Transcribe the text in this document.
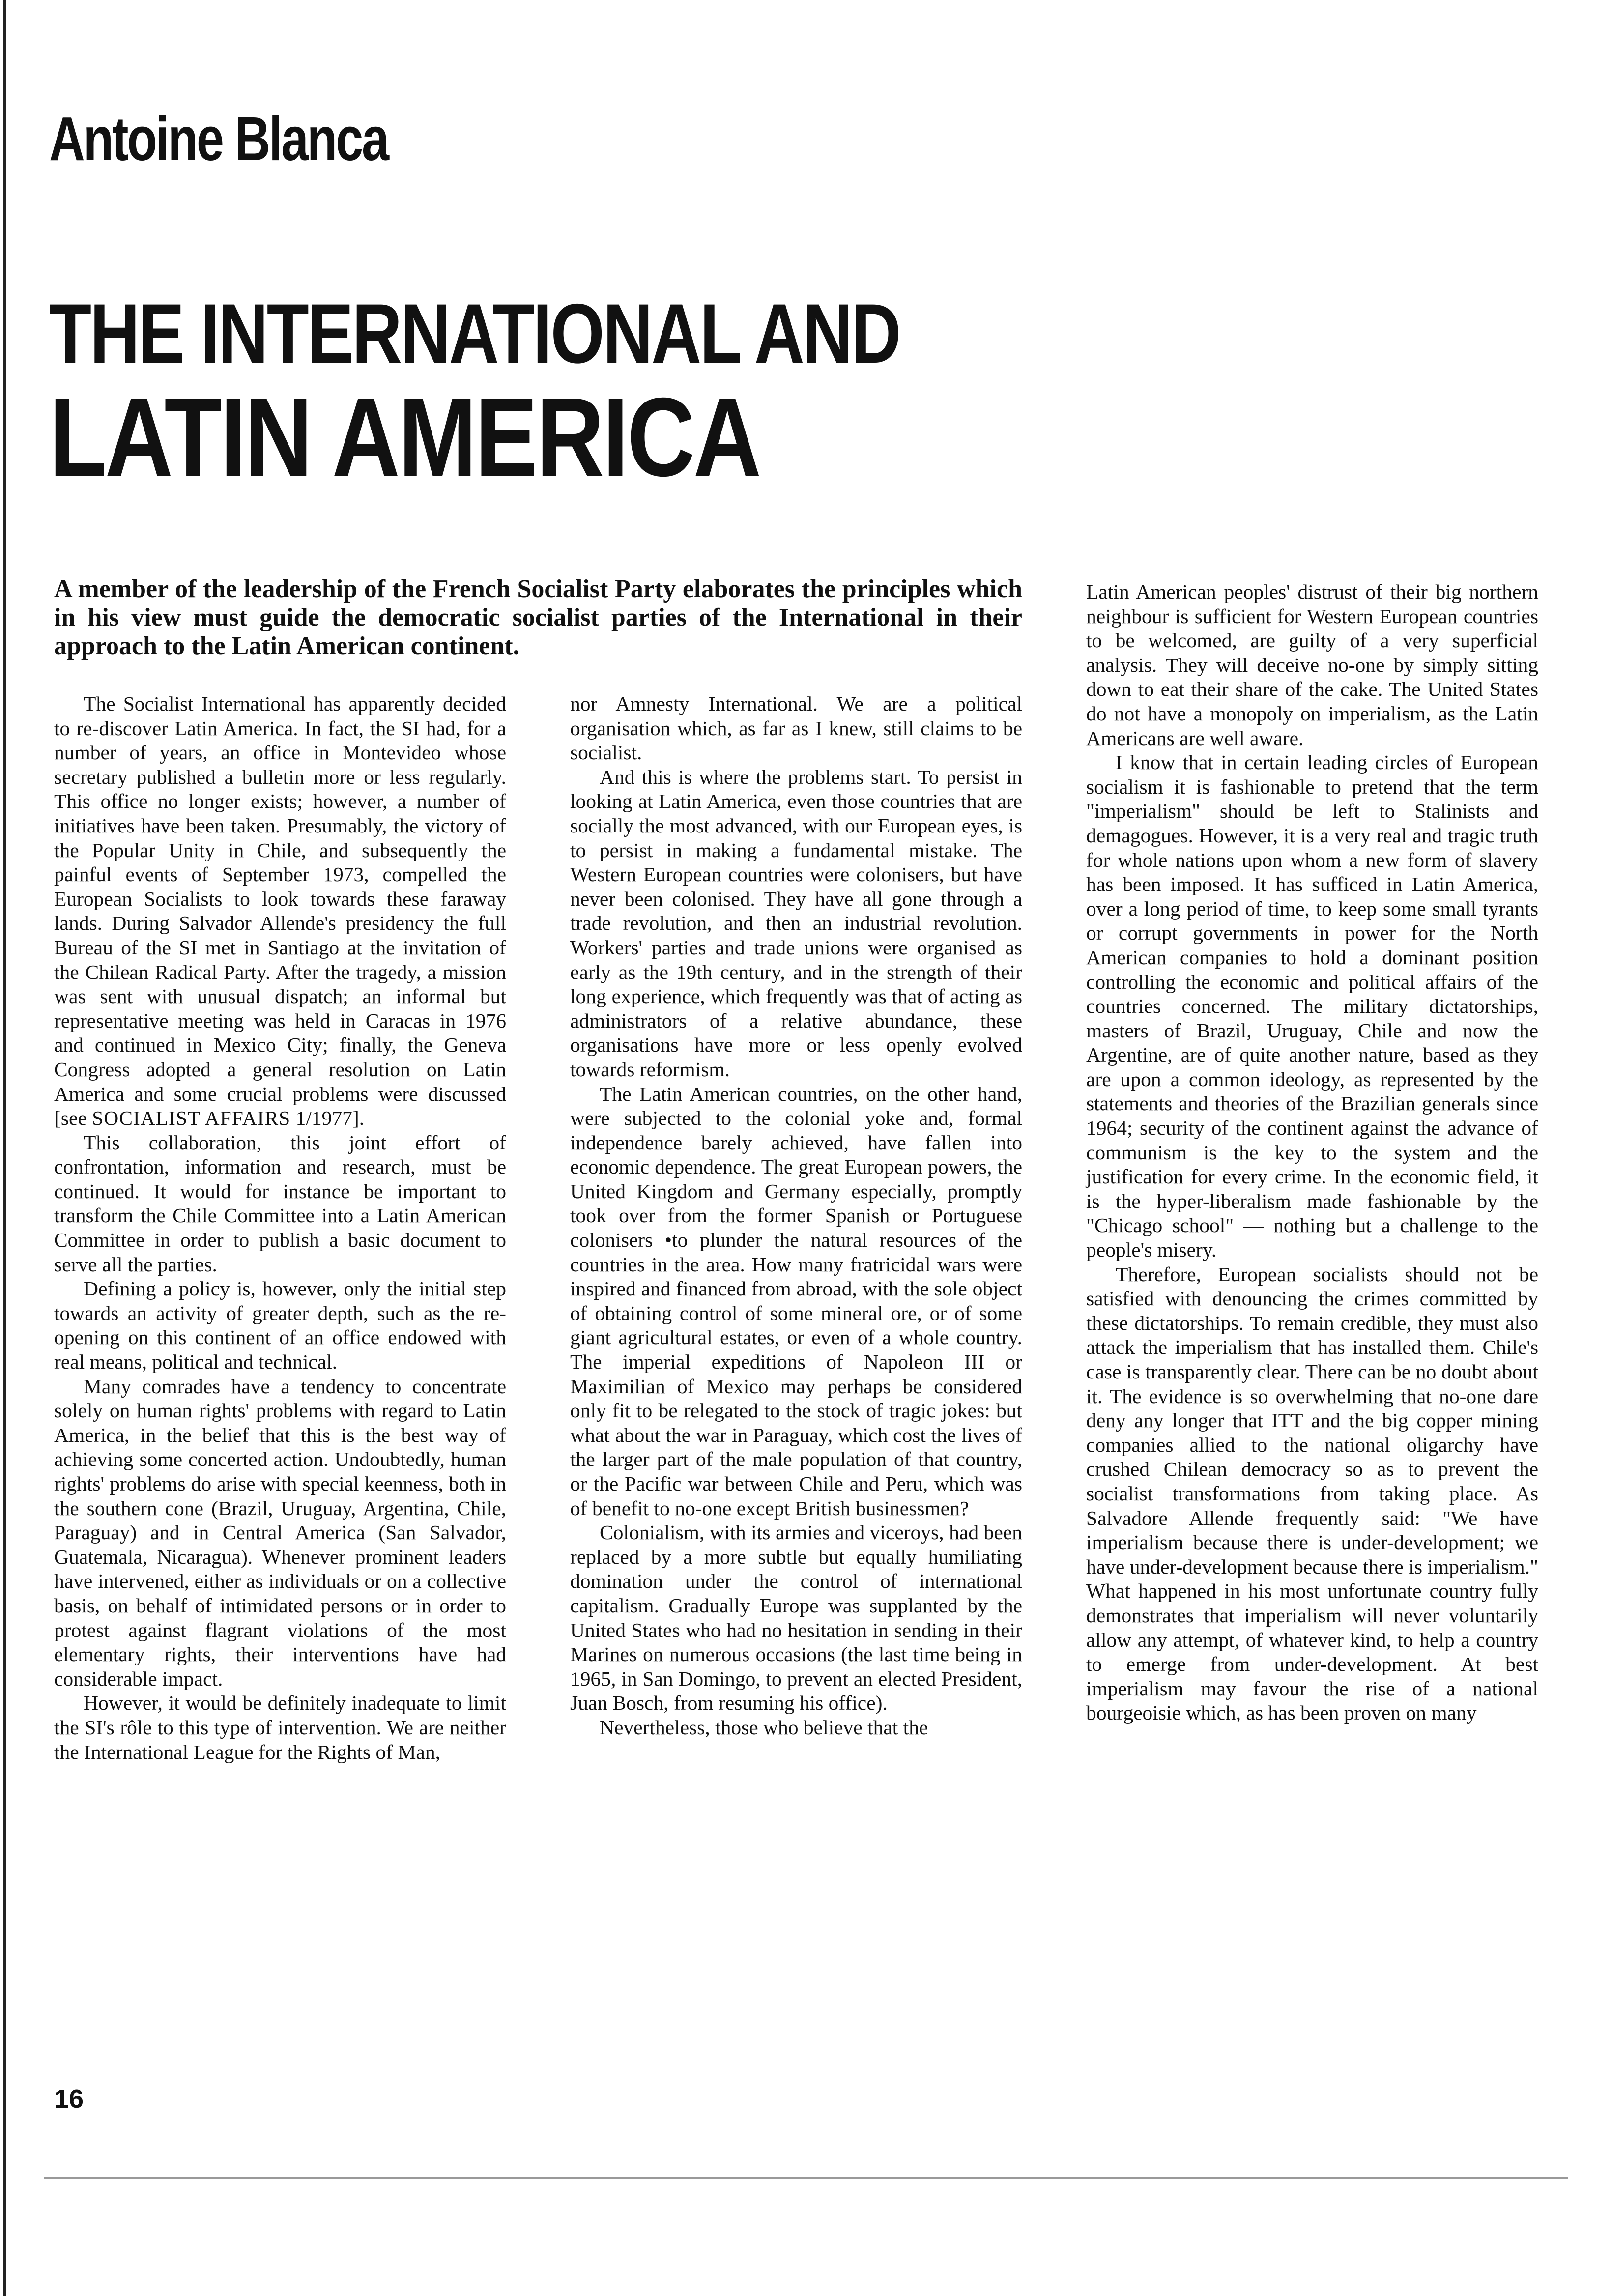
Antoine Blanca
THE INTERNATIONAL AND
LATIN AMERICA

A member of the leadership of the French Socialist Party elaborates the principles which in his view must guide the democratic socialist parties of the International in their approach to the Latin American continent.

The Socialist International has apparently decided to re-discover Latin America. In fact, the SI had, for a number of years, an office in Montevideo whose secretary published a bulletin more or less regularly. This office no longer exists; however, a number of initiatives have been taken. Presumably, the victory of the Popular Unity in Chile, and subsequently the painful events of September 1973, compelled the European Socialists to look towards these faraway lands. During Salvador Allende's presidency the full Bureau of the SI met in Santiago at the invitation of the Chilean Radical Party. After the tragedy, a mission was sent with unusual dispatch; an informal but representative meeting was held in Caracas in 1976 and continued in Mexico City; finally, the Geneva Congress adopted a general resolution on Latin America and some crucial problems were discussed [see SOCIALIST AFFAIRS 1/1977].

This collaboration, this joint effort of confrontation, information and research, must be continued. It would for instance be important to transform the Chile Committee into a Latin American Committee in order to publish a basic document to serve all the parties.

Defining a policy is, however, only the initial step towards an activity of greater depth, such as the re-opening on this continent of an office endowed with real means, political and technical.

Many comrades have a tendency to concentrate solely on human rights' problems with regard to Latin America, in the belief that this is the best way of achieving some concerted action. Undoubtedly, human rights' problems do arise with special keenness, both in the southern cone (Brazil, Uruguay, Argentina, Chile, Paraguay) and in Central America (San Salvador, Guatemala, Nicaragua). Whenever prominent leaders have intervened, either as individuals or on a collective basis, on behalf of intimidated persons or in order to protest against flagrant violations of the most elementary rights, their interventions have had considerable impact.

However, it would be definitely inadequate to limit the SI's rôle to this type of intervention. We are neither the International League for the Rights of Man,

nor Amnesty International. We are a political organisation which, as far as I knew, still claims to be socialist.

And this is where the problems start. To persist in looking at Latin America, even those countries that are socially the most advanced, with our European eyes, is to persist in making a fundamental mistake. The Western European countries were colonisers, but have never been colonised. They have all gone through a trade revolution, and then an industrial revolution. Workers' parties and trade unions were organised as early as the 19th century, and in the strength of their long experience, which frequently was that of acting as administrators of a relative abundance, these organisations have more or less openly evolved towards reformism.

The Latin American countries, on the other hand, were subjected to the colonial yoke and, formal independence barely achieved, have fallen into economic dependence. The great European powers, the United Kingdom and Germany especially, promptly took over from the former Spanish or Portuguese colonisers •to plunder the natural resources of the countries in the area. How many fratricidal wars were inspired and financed from abroad, with the sole object of obtaining control of some mineral ore, or of some giant agricultural estates, or even of a whole country. The imperial expeditions of Napoleon III or Maximilian of Mexico may perhaps be considered only fit to be relegated to the stock of tragic jokes: but what about the war in Paraguay, which cost the lives of the larger part of the male population of that country, or the Pacific war between Chile and Peru, which was of benefit to no-one except British businessmen?

Colonialism, with its armies and viceroys, had been replaced by a more subtle but equally humiliating domination under the control of international capitalism. Gradually Europe was supplanted by the United States who had no hesitation in sending in their Marines on numerous occasions (the last time being in 1965, in San Domingo, to prevent an elected President, Juan Bosch, from resuming his office).

Nevertheless, those who believe that the

Latin American peoples' distrust of their big northern neighbour is sufficient for Western European countries to be welcomed, are guilty of a very superficial analysis. They will deceive no-one by simply sitting down to eat their share of the cake. The United States do not have a monopoly on imperialism, as the Latin Americans are well aware.

I know that in certain leading circles of European socialism it is fashionable to pretend that the term "imperialism" should be left to Stalinists and demagogues. However, it is a very real and tragic truth for whole nations upon whom a new form of slavery has been imposed. It has sufficed in Latin America, over a long period of time, to keep some small tyrants or corrupt governments in power for the North American companies to hold a dominant position controlling the economic and political affairs of the countries concerned. The military dictatorships, masters of Brazil, Uruguay, Chile and now the Argentine, are of quite another nature, based as they are upon a common ideology, as represented by the statements and theories of the Brazilian generals since 1964; security of the continent against the advance of communism is the key to the system and the justification for every crime. In the economic field, it is the hyper-liberalism made fashionable by the "Chicago school" — nothing but a challenge to the people's misery.

Therefore, European socialists should not be satisfied with denouncing the crimes committed by these dictatorships. To remain credible, they must also attack the imperialism that has installed them. Chile's case is transparently clear. There can be no doubt about it. The evidence is so overwhelming that no-one dare deny any longer that ITT and the big copper mining companies allied to the national oligarchy have crushed Chilean democracy so as to prevent the socialist transformations from taking place. As Salvadore Allende frequently said: "We have imperialism because there is under-development; we have under-development because there is imperialism." What happened in his most unfortunate country fully demonstrates that imperialism will never voluntarily allow any attempt, of whatever kind, to help a country to emerge from under-development. At best imperialism may favour the rise of a national bourgeoisie which, as has been proven on many

16
